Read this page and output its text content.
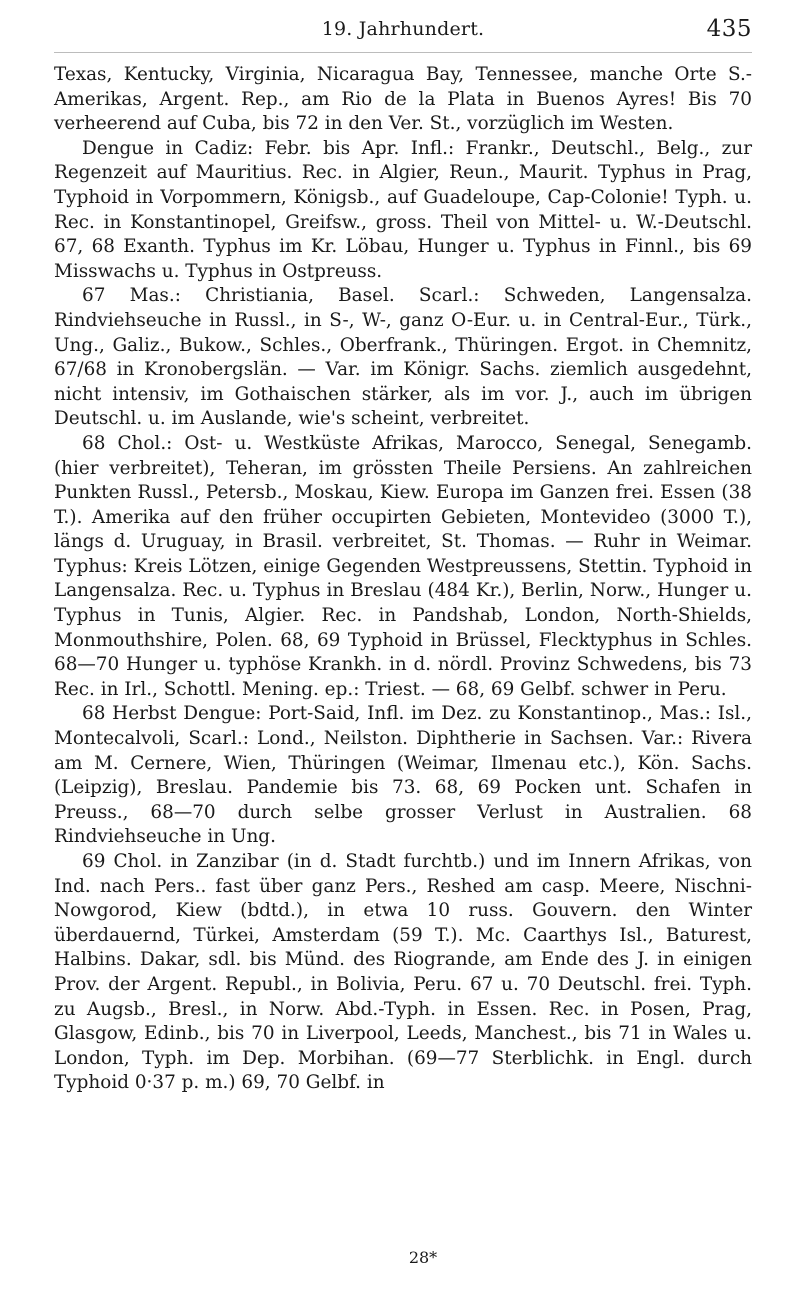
19. Jahrhundert.	435

Texas, Kentucky, Virginia, Nicaragua Bay, Tennessee, manche Orte S.-Amerikas, Argent. Rep., am Rio de la Plata in Buenos Ayres! Bis 70 verheerend auf Cuba, bis 72 in den Ver. St., vorzüglich im Westen.

Dengue in Cadiz: Febr. bis Apr. Infl.: Frankr., Deutschl., Belg., zur Regenzeit auf Mauritius. Rec. in Algier, Reun., Maurit. Typhus in Prag, Typhoid in Vorpommern, Königsb., auf Guadeloupe, Cap-Colonie! Typh. u. Rec. in Konstantinopel, Greifsw., gross. Theil von Mittel- u. W.-Deutschl. 67, 68 Exanth. Typhus im Kr. Löbau, Hunger u. Typhus in Finnl., bis 69 Misswachs u. Typhus in Ostpreuss.

67 Mas.: Christiania, Basel. Scarl.: Schweden, Langensalza. Rindviehseuche in Russl., in S-, W-, ganz O-Eur. u. in Central-Eur., Türk., Ung., Galiz., Bukow., Schles., Oberfrank., Thüringen. Ergot. in Chemnitz, 67/68 in Kronobergslän. — Var. im Königr. Sachs. ziemlich ausgedehnt, nicht intensiv, im Gothaischen stärker, als im vor. J., auch im übrigen Deutschl. u. im Auslande, wie's scheint, verbreitet.

68 Chol.: Ost- u. Westküste Afrikas, Marocco, Senegal, Senegamb. (hier verbreitet), Teheran, im grössten Theile Persiens. An zahlreichen Punkten Russl., Petersb., Moskau, Kiew. Europa im Ganzen frei. Essen (38 T.). Amerika auf den früher occupirten Gebieten, Montevideo (3000 T.), längs d. Uruguay, in Brasil. verbreitet, St. Thomas. — Ruhr in Weimar. Typhus: Kreis Lötzen, einige Gegenden Westpreussens, Stettin. Typhoid in Langensalza. Rec. u. Typhus in Breslau (484 Kr.), Berlin, Norw., Hunger u. Typhus in Tunis, Algier. Rec. in Pandshab, London, North-Shields, Monmouthshire, Polen. 68, 69 Typhoid in Brüssel, Flecktyphus in Schles. 68—70 Hunger u. typhöse Krankh. in d. nördl. Provinz Schwedens, bis 73 Rec. in Irl., Schottl. Mening. ep.: Triest. — 68, 69 Gelbf. schwer in Peru.

68 Herbst Dengue: Port-Said, Infl. im Dez. zu Konstantinop., Mas.: Isl., Montecalvoli, Scarl.: Lond., Neilston. Diphtherie in Sachsen. Var.: Rivera am M. Cernere, Wien, Thüringen (Weimar, Ilmenau etc.), Kön. Sachs. (Leipzig), Breslau. Pandemie bis 73. 68, 69 Pocken unt. Schafen in Preuss., 68—70 durch selbe grosser Verlust in Australien. 68 Rindviehseuche in Ung.

69 Chol. in Zanzibar (in d. Stadt furchtb.) und im Innern Afrikas, von Ind. nach Pers.. fast über ganz Pers., Reshed am casp. Meere, Nischni-Nowgorod, Kiew (bdtd.), in etwa 10 russ. Gouvern. den Winter überdauernd, Türkei, Amsterdam (59 T.). Mc. Caarthys Isl., Baturest, Halbins. Dakar, sdl. bis Münd. des Riogrande, am Ende des J. in einigen Prov. der Argent. Republ., in Bolivia, Peru. 67 u. 70 Deutschl. frei. Typh. zu Augsb., Bresl., in Norw. Abd.-Typh. in Essen. Rec. in Posen, Prag, Glasgow, Edinb., bis 70 in Liverpool, Leeds, Manchest., bis 71 in Wales u. London, Typh. im Dep. Morbihan. (69—77 Sterblichk. in Engl. durch Typhoid 0·37 p. m.) 69, 70 Gelbf. in

28*
